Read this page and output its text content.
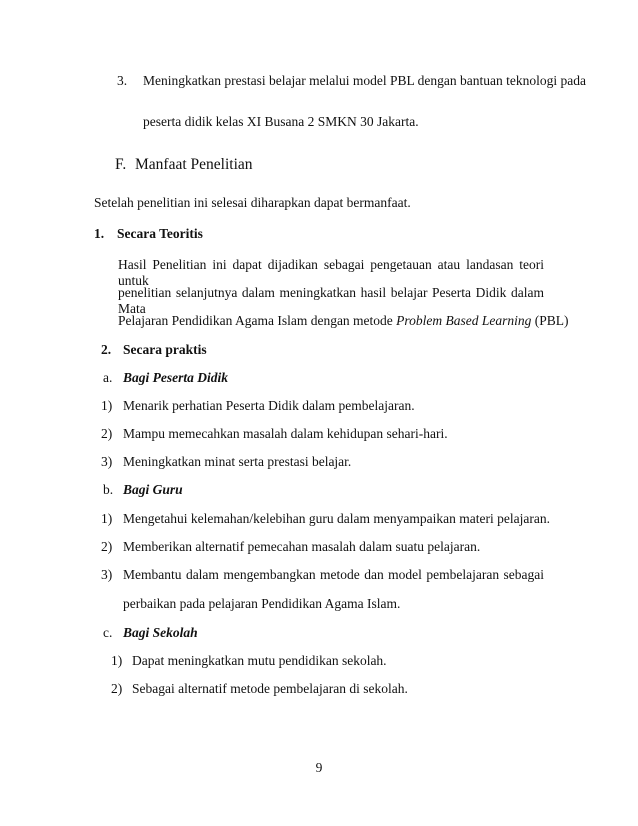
3. Meningkatkan prestasi belajar melalui model PBL dengan bantuan teknologi pada
peserta didik kelas XI Busana 2 SMKN 30 Jakarta.
F. Manfaat Penelitian
Setelah penelitian ini selesai diharapkan dapat bermanfaat.
1. Secara Teoritis
Hasil Penelitian ini dapat dijadikan sebagai pengetauan atau landasan teori untuk
penelitian selanjutnya dalam meningkatkan hasil belajar Peserta Didik dalam Mata
Pelajaran Pendidikan Agama Islam dengan metode Problem Based Learning (PBL)
2. Secara praktis
a. Bagi Peserta Didik
1) Menarik perhatian Peserta Didik dalam pembelajaran.
2) Mampu memecahkan masalah dalam kehidupan sehari-hari.
3) Meningkatkan minat serta prestasi belajar.
b. Bagi Guru
1) Mengetahui kelemahan/kelebihan guru dalam menyampaikan materi pelajaran.
2) Memberikan alternatif pemecahan masalah dalam suatu pelajaran.
3) Membantu dalam mengembangkan metode dan model pembelajaran sebagai
perbaikan pada pelajaran Pendidikan Agama Islam.
c. Bagi Sekolah
1) Dapat meningkatkan mutu pendidikan sekolah.
2) Sebagai alternatif metode pembelajaran di sekolah.
9
